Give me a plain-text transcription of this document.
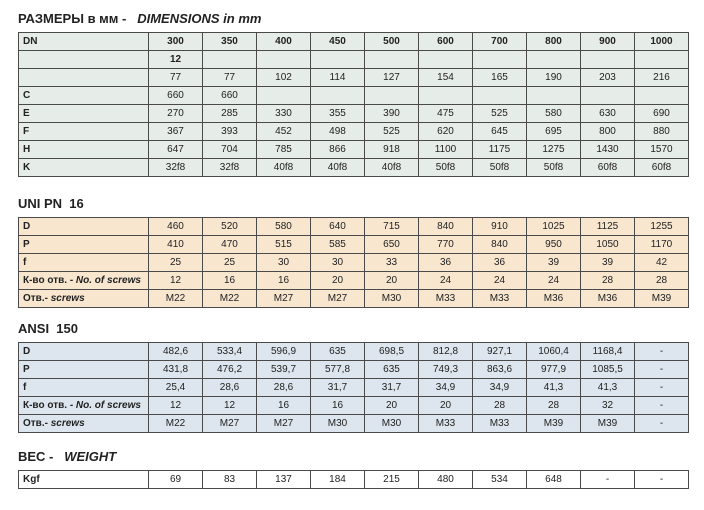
РАЗМЕРЫ в мм - DIMENSIONS in mm
DN	300	350	400	450	500	600	700	800	900	1000
	12									
	77	77	102	114	127	154	165	190	203	216
C	660	660								
E	270	285	330	355	390	475	525	580	630	690
F	367	393	452	498	525	620	645	695	800	880
H	647	704	785	866	918	1100	1175	1275	1430	1570
K	32f8	32f8	40f8	40f8	40f8	50f8	50f8	50f8	60f8	60f8
UNI PN  16
D	460	520	580	640	715	840	910	1025	1125	1255
P	410	470	515	585	650	770	840	950	1050	1170
f	25	25	30	30	33	36	36	39	39	42
К-во отв. - No. of screws	12	16	16	20	20	24	24	24	28	28
Отв.- screws	M22	M22	M27	M27	M30	M33	M33	M36	M36	M39
ANSI  150
D	482,6	533,4	596,9	635	698,5	812,8	927,1	1060,4	1168,4	-
P	431,8	476,2	539,7	577,8	635	749,3	863,6	977,9	1085,5	-
f	25,4	28,6	28,6	31,7	31,7	34,9	34,9	41,3	41,3	-
К-во отв. - No. of screws	12	12	16	16	20	20	28	28	32	-
Отв.- screws	M22	M27	M27	M30	M30	M33	M33	M39	M39	-
ВЕС - WEIGHT
Kgf	69	83	137	184	215	480	534	648	-	-
